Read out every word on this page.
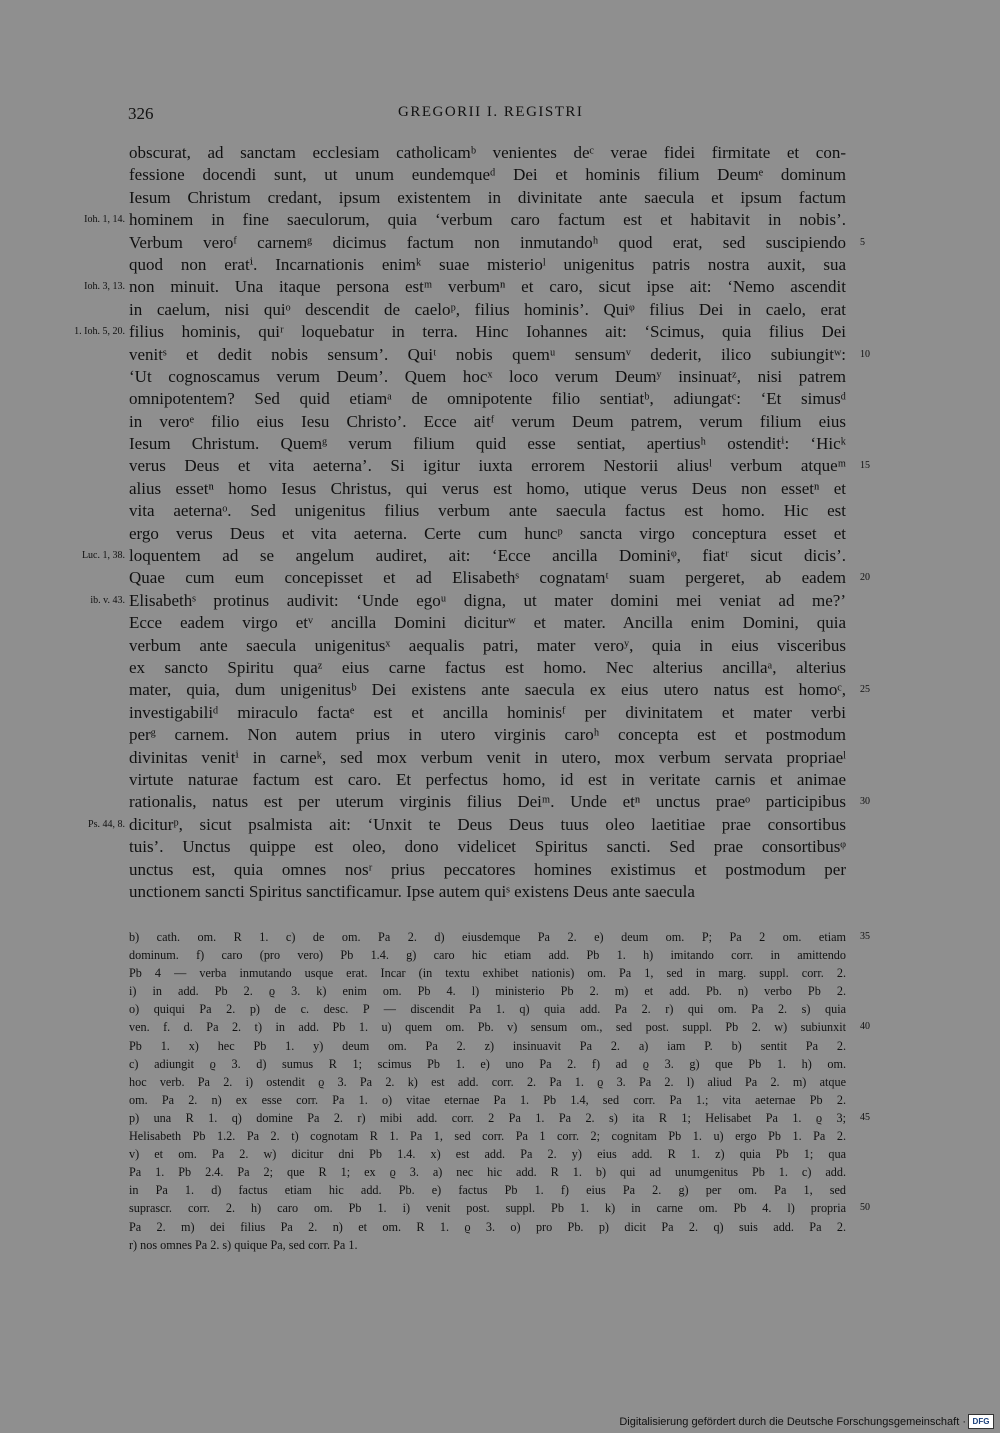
326	GREGORII I. REGISTRI
obscurat, ad sanctam ecclesiam catholicamᵇ venientes deᶜ verae fidei firmitate et con-
fessione docendi sunt, ut unum eundemqueᵈ Dei et hominis filium Deumᵉ dominum
Iesum Christum credant, ipsum existentem in divinitate ante saecula et ipsum factum
Ioh. 1, 14. hominem in fine saeculorum, quia ‘verbum caro factum est et habitavit in nobis’.
Verbum veroᶠ carnemᵍ dicimus factum non inmutandoʰ quod erat, sed suscipiendo 5
quod non eratⁱ. Incarnationis enimᵏ suae misterioˡ unigenitus patris nostra auxit, sua
Ioh. 3, 13. non minuit. Una itaque persona estᵐ verbumⁿ et caro, sicut ipse ait: ‘Nemo ascendit
in caelum, nisi quiᵒ descendit de caeloᵖ, filius hominis’. Quiᵠ filius Dei in caelo, erat
1. Ioh. 5, 20. filius hominis, quiʳ loquebatur in terra. Hinc Iohannes ait: ‘Scimus, quia filius Dei
venitˢ et dedit nobis sensum’. Quiᵗ nobis quemᵘ sensumᵛ dederit, ilico subiungitʷ: 10
‘Ut cognoscamus verum Deum’. Quem hocˣ loco verum Deumʸ insinuatᶻ, nisi patrem
omnipotentem? Sed quid etiamᵃ de omnipotente filio sentiatᵇ, adiungatᶜ: ‘Et simusᵈ
in veroᵉ filio eius Iesu Christo’. Ecce aitᶠ verum Deum patrem, verum filium eius
Iesum Christum. Quemᵍ verum filium quid esse sentiat, apertiusʰ ostenditⁱ: ‘Hicᵏ
verus Deus et vita aeterna’. Si igitur iuxta errorem Nestorii aliusˡ verbum atqueᵐ 15
alius essetⁿ homo Iesus Christus, qui verus est homo, utique verus Deus non essetⁿ et
vita aeternaᵒ. Sed unigenitus filius verbum ante saecula factus est homo. Hic est
ergo verus Deus et vita aeterna. Certe cum huncᵖ sancta virgo conceptura esset et
Luc. 1, 38. loquentem ad se angelum audiret, ait: ‘Ecce ancilla Dominiᵠ, fiatʳ sicut dicis’.
Quae cum eum concepisset et ad Elisabethˢ cognatamᵗ suam pergeret, ab eadem 20
ib. v. 43. Elisabethˢ protinus audivit: ‘Unde egoᵘ digna, ut mater domini mei veniat ad me?’
Ecce eadem virgo etᵛ ancilla Domini diciturʷ et mater. Ancilla enim Domini, quia
verbum ante saecula unigenitusˣ aequalis patri, mater veroʸ, quia in eius visceribus
ex sancto Spiritu quaᶻ eius carne factus est homo. Nec alterius ancillaᵃ, alterius
mater, quia, dum unigenitusᵇ Dei existens ante saecula ex eius utero natus est homoᶜ, 25
investigabiliᵈ miraculo factaᵉ est et ancilla hominisᶠ per divinitatem et mater verbi
perᵍ carnem. Non autem prius in utero virginis caroʰ concepta est et postmodum
divinitas venitⁱ in carneᵏ, sed mox verbum venit in utero, mox verbum servata propriaeˡ
virtute naturae factum est caro. Et perfectus homo, id est in veritate carnis et animae
rationalis, natus est per uterum virginis filius Deiᵐ. Unde etⁿ unctus praeᵒ participibus 30
Ps. 44, 8. diciturᵖ, sicut psalmista ait: ‘Unxit te Deus Deus tuus oleo laetitiae prae consortibus
tuis’. Unctus quippe est oleo, dono videlicet Spiritus sancti. Sed prae consortibusᵠ
unctus est, quia omnes nosʳ prius peccatores homines existimus et postmodum per
unctionem sancti Spiritus sanctificamur. Ipse autem quiˢ existens Deus ante saecula
b) cath. om. R 1. c) de om. Pa 2. d) eiusdemque Pa 2. e) deum om. P; Pa 2 om. etiam 35
dominum. f) caro (pro vero) Pb 1.4. g) caro hic etiam add. Pb 1. h) imitando corr. in amittendo
Pb 4 — verba inmutando usque erat. Incar (in textu exhibet nationis) om. Pa 1, sed in marg. suppl. corr. 2.
i) in add. Pb 2. ϱ 3. k) enim om. Pb 4. l) ministerio Pb 2. m) et add. Pb. n) verbo Pb 2.
o) quiqui Pa 2. p) de c. desc. P — discendit Pa 1. q) quia add. Pa 2. r) qui om. Pa 2. s) quia
ven. f. d. Pa 2. t) in add. Pb 1. u) quem om. Pb. v) sensum om., sed post. suppl. Pb 2. w) subiunxit 40
Pb 1. x) hec Pb 1. y) deum om. Pa 2. z) insinuavit Pa 2. a) iam P. b) sentit Pa 2.
c) adiungit ϱ 3. d) sumus R 1; scimus Pb 1. e) uno Pa 2. f) ad ϱ 3. g) que Pb 1. h) om.
hoc verb. Pa 2. i) ostendit ϱ 3. Pa 2. k) est add. corr. 2. Pa 1. ϱ 3. Pa 2. l) aliud Pa 2. m) atque
om. Pa 2. n) ex esse corr. Pa 1. o) vitae eternae Pa 1. Pb 1.4, sed corr. Pa 1.; vita aeternae Pb 2.
p) una R 1. q) domine Pa 2. r) mibi add. corr. 2 Pa 1. Pa 2. s) ita R 1; Helisabet Pa 1. ϱ 3; 45
Helisabeth Pb 1.2. Pa 2. t) cognotam R 1. Pa 1, sed corr. Pa 1 corr. 2; cognitam Pb 1. u) ergo Pb 1. Pa 2.
v) et om. Pa 2. w) dicitur dni Pb 1.4. x) est add. Pa 2. y) eius add. R 1. z) quia Pb 1; qua
Pa 1. Pb 2.4. Pa 2; que R 1; ex ϱ 3. a) nec hic add. R 1. b) qui ad unumgenitus Pb 1. c) add.
in Pa 1. d) factus etiam hic add. Pb. e) factus Pb 1. f) eius Pa 2. g) per om. Pa 1, sed
suprascr. corr. 2. h) caro om. Pb 1. i) venit post. suppl. Pb 1. k) in carne om. Pb 4. l) propria 50
Pa 2. m) dei filius Pa 2. n) et om. R 1. ϱ 3. o) pro Pb. p) dicit Pa 2. q) suis add. Pa 2.
r) nos omnes Pa 2. s) quique Pa, sed corr. Pa 1.
Digitalisierung gefördert durch die Deutsche Forschungsgemeinschaft · DFG
